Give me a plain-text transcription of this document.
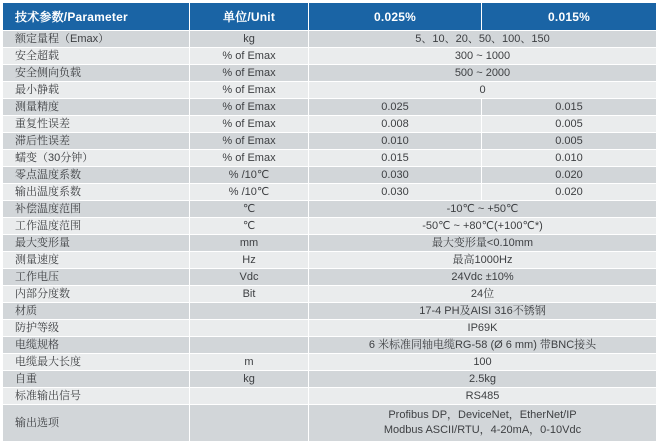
技术参数/Parameter	单位/Unit	0.025%	0.015%
额定量程（Emax）	kg	5、10、20、50、100、150	
安全超载	% of Emax	300 ~ 1000	
安全侧向负载	% of Emax	500 ~ 2000	
最小静载	% of Emax	0	
测量精度	% of Emax	0.025	0.015
重复性误差	% of Emax	0.008	0.005
滞后性误差	% of Emax	0.010	0.005
蠕变（30分钟）	% of Emax	0.015	0.010
零点温度系数	% /10℃	0.030	0.020
输出温度系数	% /10℃	0.030	0.020
补偿温度范围	℃	-10℃ ~ +50℃	
工作温度范围	℃	-50℃ ~ +80℃(+100℃*)	
最大变形量	mm	最大变形量<0.10mm	
测量速度	Hz	最高1000Hz	
工作电压	Vdc	24Vdc ±10%	
内部分度数	Bit	24位	
材质		17-4 PH及AISI 316不锈钢	
防护等级		IP69K	
电缆规格		6 米标准同轴电缆RG-58 (Ø 6 mm) 带BNC接头	
电缆最大长度	m	100	
自重	kg	2.5kg	
标准输出信号		RS485	
输出选项		Profibus DP，DeviceNet，EtherNet/IP
Modbus ASCII/RTU，4-20mA，0-10Vdc	
